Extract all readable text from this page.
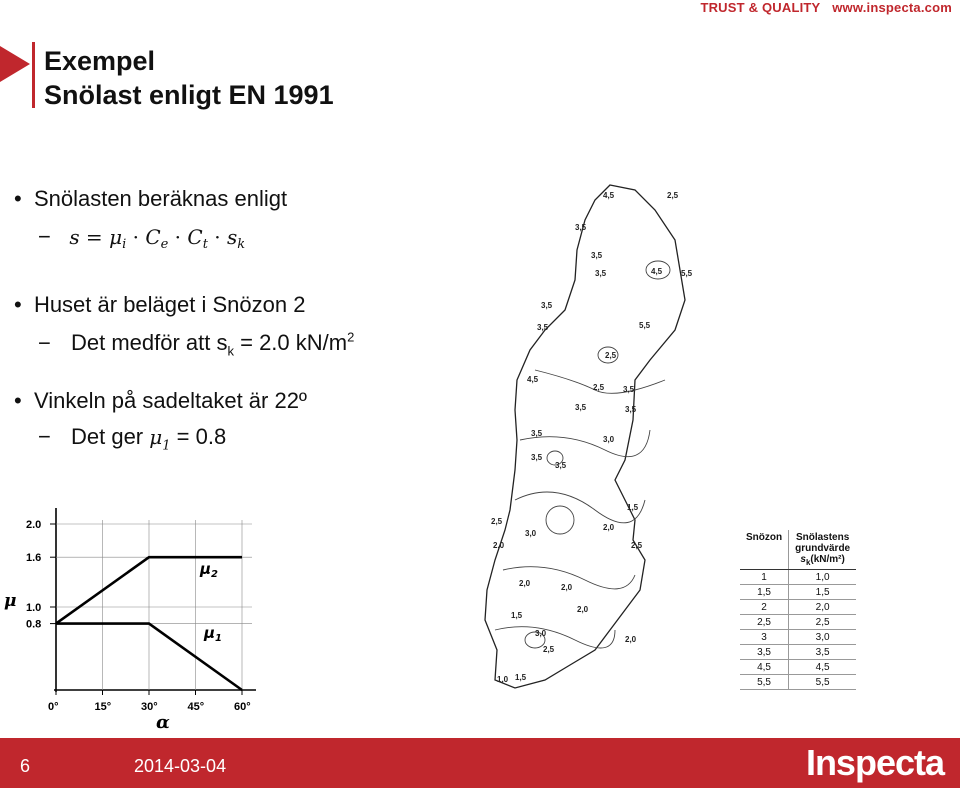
TRUST & QUALITY www.inspecta.com
Exempel
Snölast enligt EN 1991
•  Snölasten beräknas enligt
− $s = \mu_i \cdot C_e \cdot C_t \cdot s_k$
•  Huset är beläget i Snözon 2
− Det medför att $s_k = 2.0$ $kN/m^2$
•  Vinkeln på sadeltaket är 22º
− Det ger $\mu_1 = 0.8$
0.8
1.0
1.6
2.0
0°	15°	30°	45°	60°
μ
α
$\mu_2$
$\mu_1$
4,5	2,5
3,5
3,5
3,5	4,5 5,5
3,5
3,5	5,5
2,5
4,5
2,5
3,5
3,5
3,5
3,5
3,5
3,5
3,0
2,5
3,0
2,0
2,0
2,5
1,5
2,0	2,0
1,5
2,0
2,0
3,0
2,5
1,5
1,0
Snözon	Snölastens
grundvärde
$s_k(kN/m^2)$

1	1,0
1,5	1,5
2	2,0
2,5	2,5
3	3,0
3,5	3,5
4,5	4,5
5,5	5,5
6	2014-03-04	Inspecta
